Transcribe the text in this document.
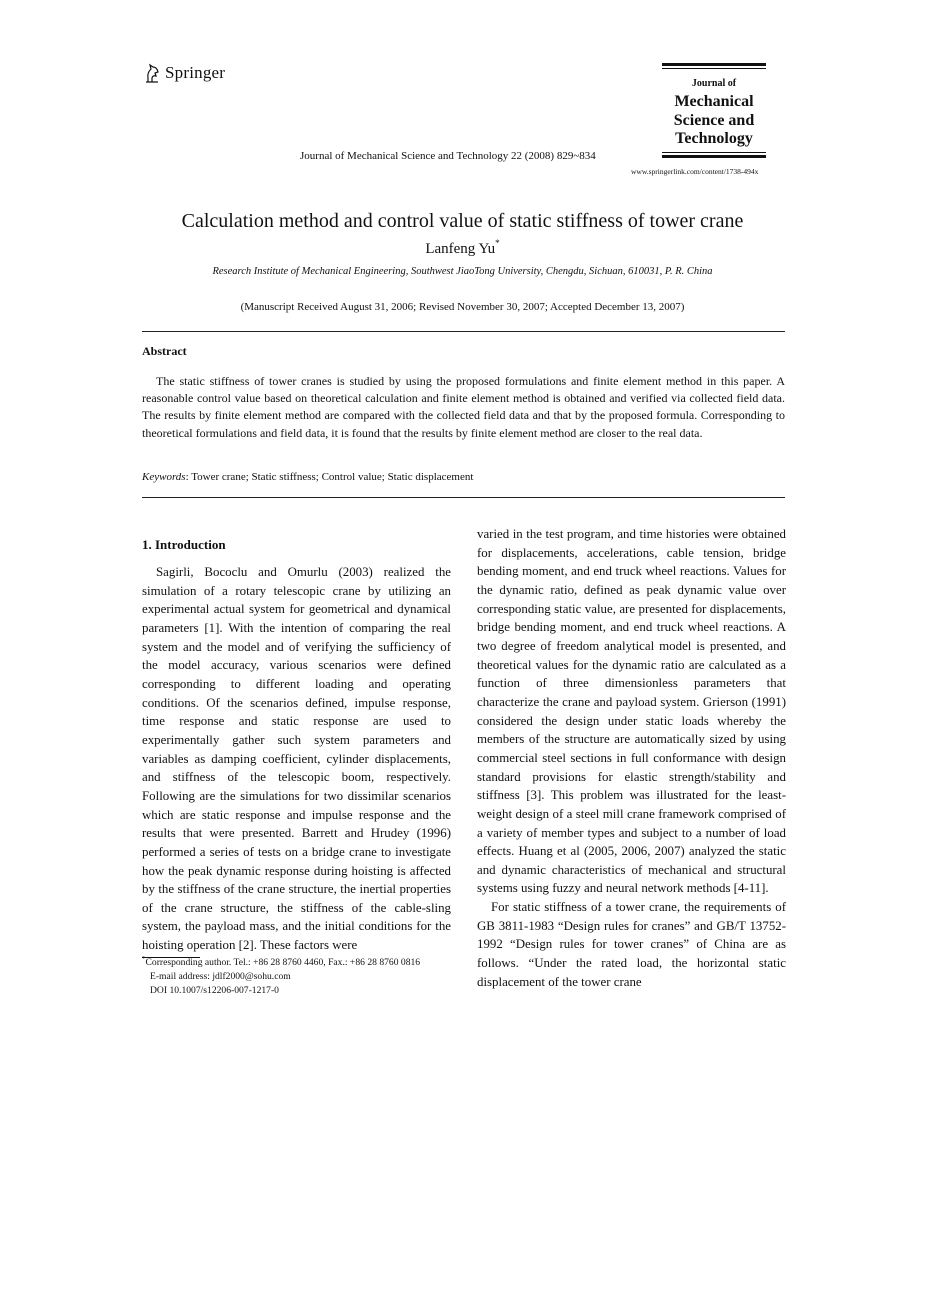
Springer
Journal of
Mechanical
Science and
Technology
Journal of Mechanical Science and Technology 22 (2008) 829~834
www.springerlink.com/content/1738-494x
Calculation method and control value of static stiffness of tower crane
Lanfeng Yu*
Research Institute of Mechanical Engineering, Southwest JiaoTong University, Chengdu, Sichuan, 610031, P. R. China
(Manuscript Received August 31, 2006; Revised November 30, 2007; Accepted December 13, 2007)
Abstract
The static stiffness of tower cranes is studied by using the proposed formulations and finite element method in this paper. A reasonable control value based on theoretical calculation and finite element method is obtained and verified via collected field data. The results by finite element method are compared with the collected field data and that by the proposed formula. Corresponding to theoretical formulations and field data, it is found that the results by finite element method are closer to the real data.
Keywords: Tower crane; Static stiffness; Control value; Static displacement
1. Introduction
Sagirli, Bococlu and Omurlu (2003) realized the simulation of a rotary telescopic crane by utilizing an experimental actual system for geometrical and dynamical parameters [1]. With the intention of comparing the real system and the model and of verifying the sufficiency of the model accuracy, various scenarios were defined corresponding to different loading and operating conditions. Of the scenarios defined, impulse response, time response and static response are used to experimentally gather such system parameters and variables as damping coefficient, cylinder displacements, and stiffness of the telescopic boom, respectively. Following are the simulations for two dissimilar scenarios which are static response and impulse response and the results that were presented. Barrett and Hrudey (1996) performed a series of tests on a bridge crane to investigate how the peak dynamic response during hoisting is affected by the stiffness of the crane structure, the inertial properties of the crane structure, the stiffness of the cable-sling system, the payload mass, and the initial conditions for the hoisting operation [2]. These factors were

varied in the test program, and time histories were obtained for displacements, accelerations, cable tension, bridge bending moment, and end truck wheel reactions. Values for the dynamic ratio, defined as peak dynamic value over corresponding static value, are presented for displacements, bridge bending moment, and end truck wheel reactions. A two degree of freedom analytical model is presented, and theoretical values for the dynamic ratio are calculated as a function of three dimensionless parameters that characterize the crane and payload system. Grierson (1991) considered the design under static loads whereby the members of the structure are automatically sized by using commercial steel sections in full conformance with design standard provisions for elastic strength/stability and stiffness [3]. This problem was illustrated for the least-weight design of a steel mill crane framework comprised of a variety of member types and subject to a number of load effects. Huang et al (2005, 2006, 2007) analyzed the static and dynamic characteristics of mechanical and structural systems using fuzzy and neural network methods [4-11].

For static stiffness of a tower crane, the requirements of GB 3811-1983 “Design rules for cranes” and GB/T 13752-1992 “Design rules for tower cranes” of China are as follows. “Under the rated load, the horizontal static displacement of the tower crane

*Corresponding author. Tel.: +86 28 8760 4460, Fax.: +86 28 8760 0816
E-mail address: jdlf2000@sohu.com
DOI 10.1007/s12206-007-1217-0
